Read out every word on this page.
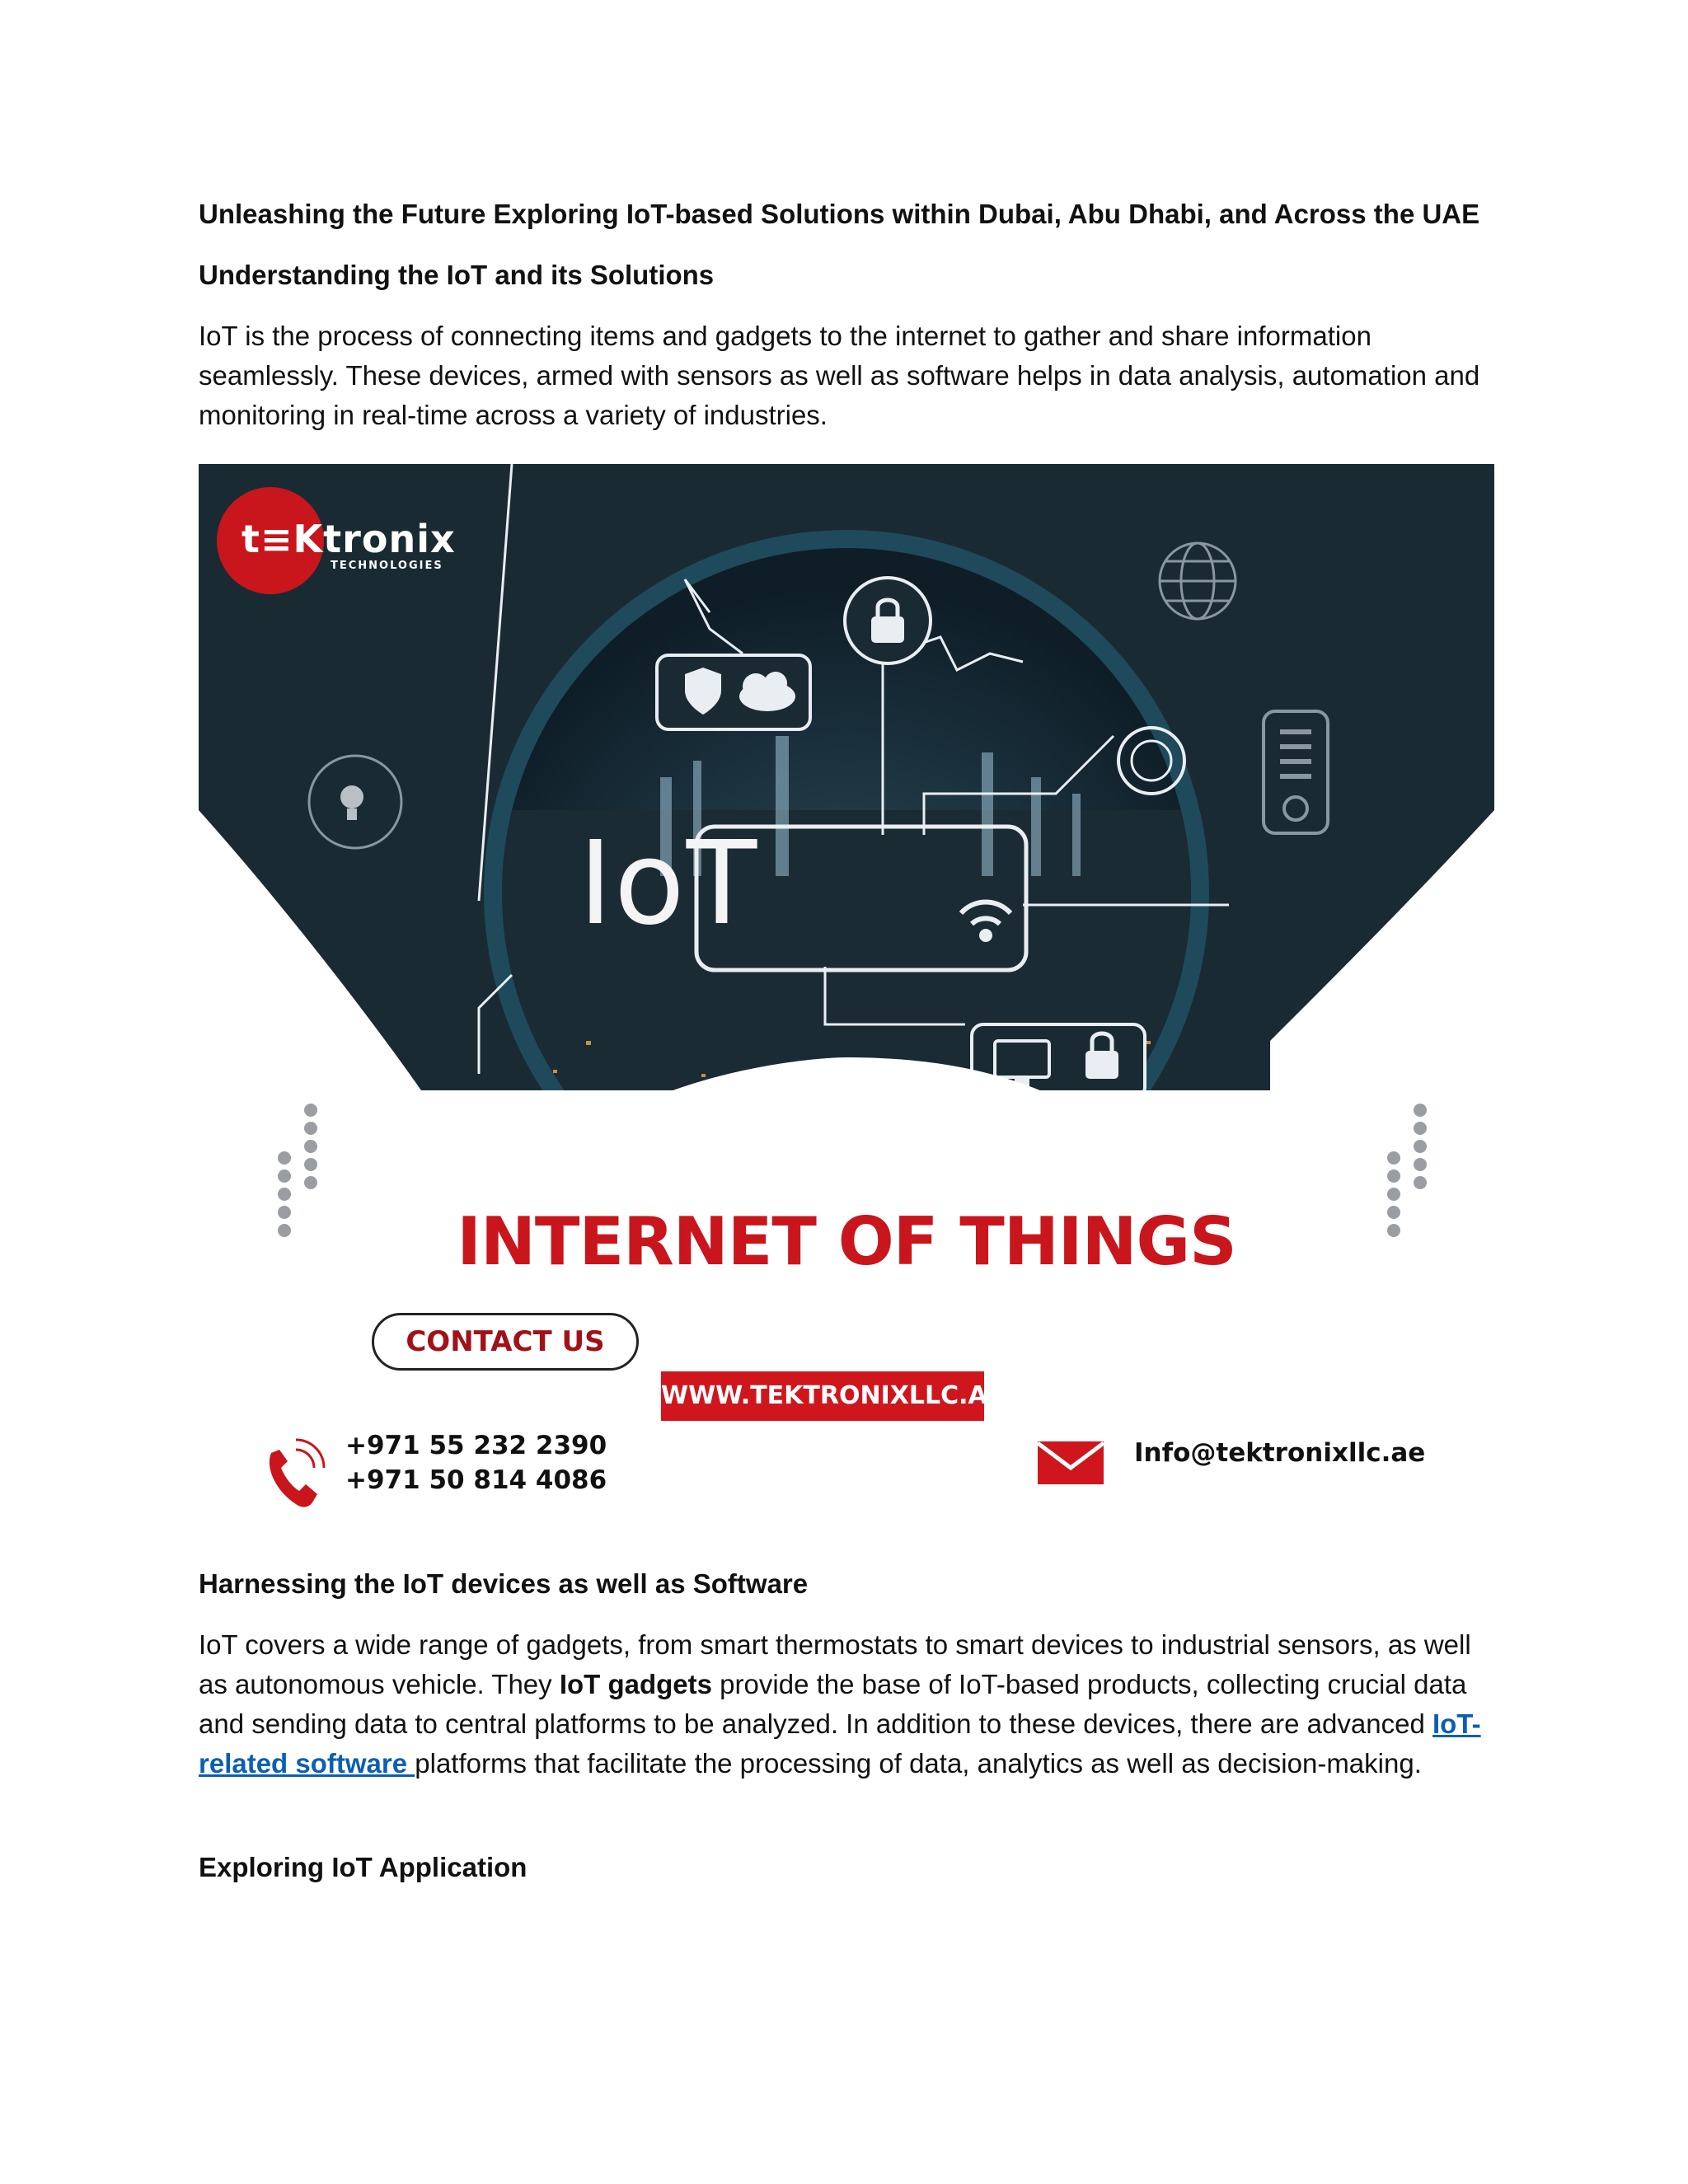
Unleashing the Future Exploring IoT-based Solutions within Dubai, Abu Dhabi, and Across the UAE
Understanding the IoT and its Solutions

IoT is the process of connecting items and gadgets to the internet to gather and share information seamlessly. These devices, armed with sensors as well as software helps in data analysis, automation and monitoring in real-time across a variety of industries.

t≡Ktronix
TECHNOLOGIES
IoT
INTERNET OF THINGS
CONTACT US
WWW.TEKTRONIXLLC.AE
+971 55 232 2390
+971 50 814 4086
Info@tektronixllc.ae
Harnessing the IoT devices as well as Software

IoT covers a wide range of gadgets, from smart thermostats to smart devices to industrial sensors, as well as autonomous vehicle. They IoT gadgets provide the base of IoT-based products, collecting crucial data and sending data to central platforms to be analyzed. In addition to these devices, there are advanced IoT-related software platforms that facilitate the processing of data, analytics as well as decision-making.

Exploring IoT Application
